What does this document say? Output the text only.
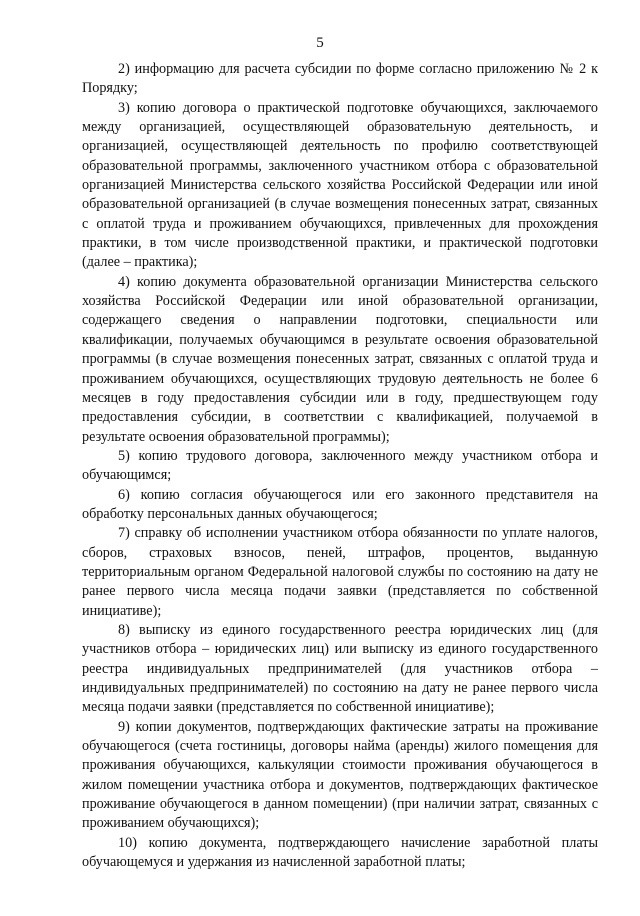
5

2) информацию для расчета субсидии по форме согласно приложению № 2 к Порядку;

3) копию договора о практической подготовке обучающихся, заключаемого между организацией, осуществляющей образовательную деятельность, и организацией, осуществляющей деятельность по профилю соответствующей образовательной программы, заключенного участником отбора с образовательной организацией Министерства сельского хозяйства Российской Федерации или иной образовательной организацией (в случае возмещения понесенных затрат, связанных с оплатой труда и проживанием обучающихся, привлеченных для прохождения практики, в том числе производственной практики, и практической подготовки (далее – практика);

4) копию документа образовательной организации Министерства сельского хозяйства Российской Федерации или иной образовательной организации, содержащего сведения о направлении подготовки, специальности или квалификации, получаемых обучающимся в результате освоения образовательной программы (в случае возмещения понесенных затрат, связанных с оплатой труда и проживанием обучающихся, осуществляющих трудовую деятельность не более 6 месяцев в году предоставления субсидии или в году, предшествующем году предоставления субсидии, в соответствии с квалификацией, получаемой в результате освоения образовательной программы);

5) копию трудового договора, заключенного между участником отбора и обучающимся;

6) копию согласия обучающегося или его законного представителя на обработку персональных данных обучающегося;

7) справку об исполнении участником отбора обязанности по уплате налогов, сборов, страховых взносов, пеней, штрафов, процентов, выданную территориальным органом Федеральной налоговой службы по состоянию на дату не ранее первого числа месяца подачи заявки (представляется по собственной инициативе);

8) выписку из единого государственного реестра юридических лиц (для участников отбора – юридических лиц) или выписку из единого государственного реестра индивидуальных предпринимателей (для участников отбора – индивидуальных предпринимателей) по состоянию на дату не ранее первого числа месяца подачи заявки (представляется по собственной инициативе);

9) копии документов, подтверждающих фактические затраты на проживание обучающегося (счета гостиницы, договоры найма (аренды) жилого помещения для проживания обучающихся, калькуляции стоимости проживания обучающегося в жилом помещении участника отбора и документов, подтверждающих фактическое проживание обучающегося в данном помещении) (при наличии затрат, связанных с проживанием обучающихся);

10) копию документа, подтверждающего начисление заработной платы обучающемуся и удержания из начисленной заработной платы;
